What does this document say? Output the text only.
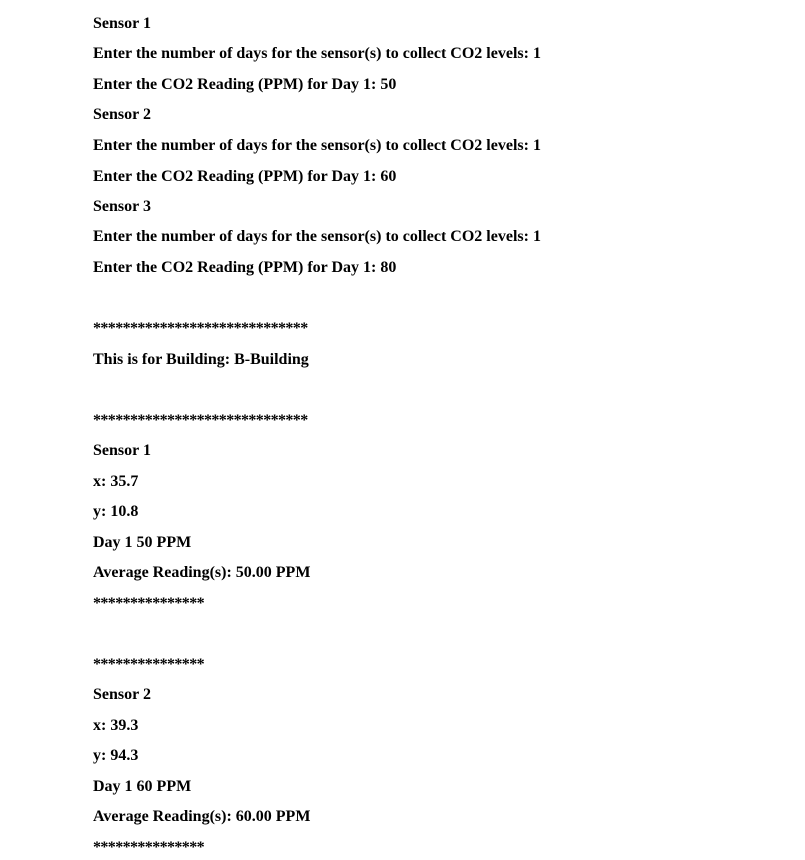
Sensor 1

Enter the number of days for the sensor(s) to collect CO2 levels: 1

Enter the CO2 Reading (PPM) for Day 1: 50

Sensor 2

Enter the number of days for the sensor(s) to collect CO2 levels: 1

Enter the CO2 Reading (PPM) for Day 1: 60

Sensor 3

Enter the number of days for the sensor(s) to collect CO2 levels: 1

Enter the CO2 Reading (PPM) for Day 1: 80

*****************************

This is for Building: B-Building

*****************************

Sensor 1

x: 35.7

y: 10.8

Day 1 50 PPM

Average Reading(s): 50.00 PPM

***************

***************

Sensor 2

x: 39.3

y: 94.3

Day 1 60 PPM

Average Reading(s): 60.00 PPM

***************
